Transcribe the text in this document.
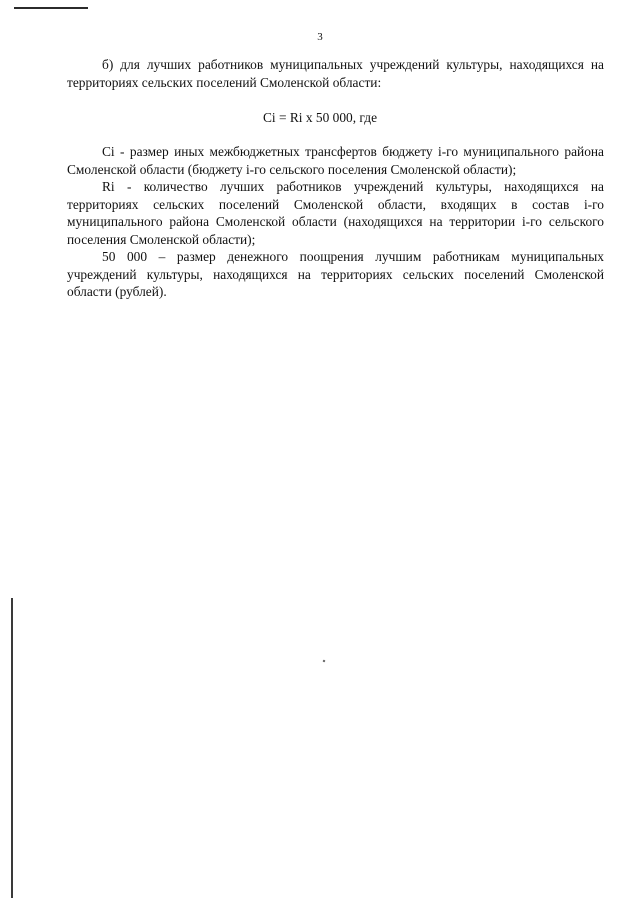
3

б) для лучших работников муниципальных учреждений культуры, находящихся на территориях сельских поселений Смоленской области:

Ci = Ri x 50 000, где

Ci - размер иных межбюджетных трансфертов бюджету i-го муниципального района Смоленской области (бюджету i-го сельского поселения Смоленской области);

Ri - количество лучших работников учреждений культуры, находящихся на территориях сельских поселений Смоленской области, входящих в состав i-го муниципального района Смоленской области (находящихся на территории i-го сельского поселения Смоленской области);

50 000 – размер денежного поощрения лучшим работникам муниципальных учреждений культуры, находящихся на территориях сельских поселений Смоленской области (рублей).
